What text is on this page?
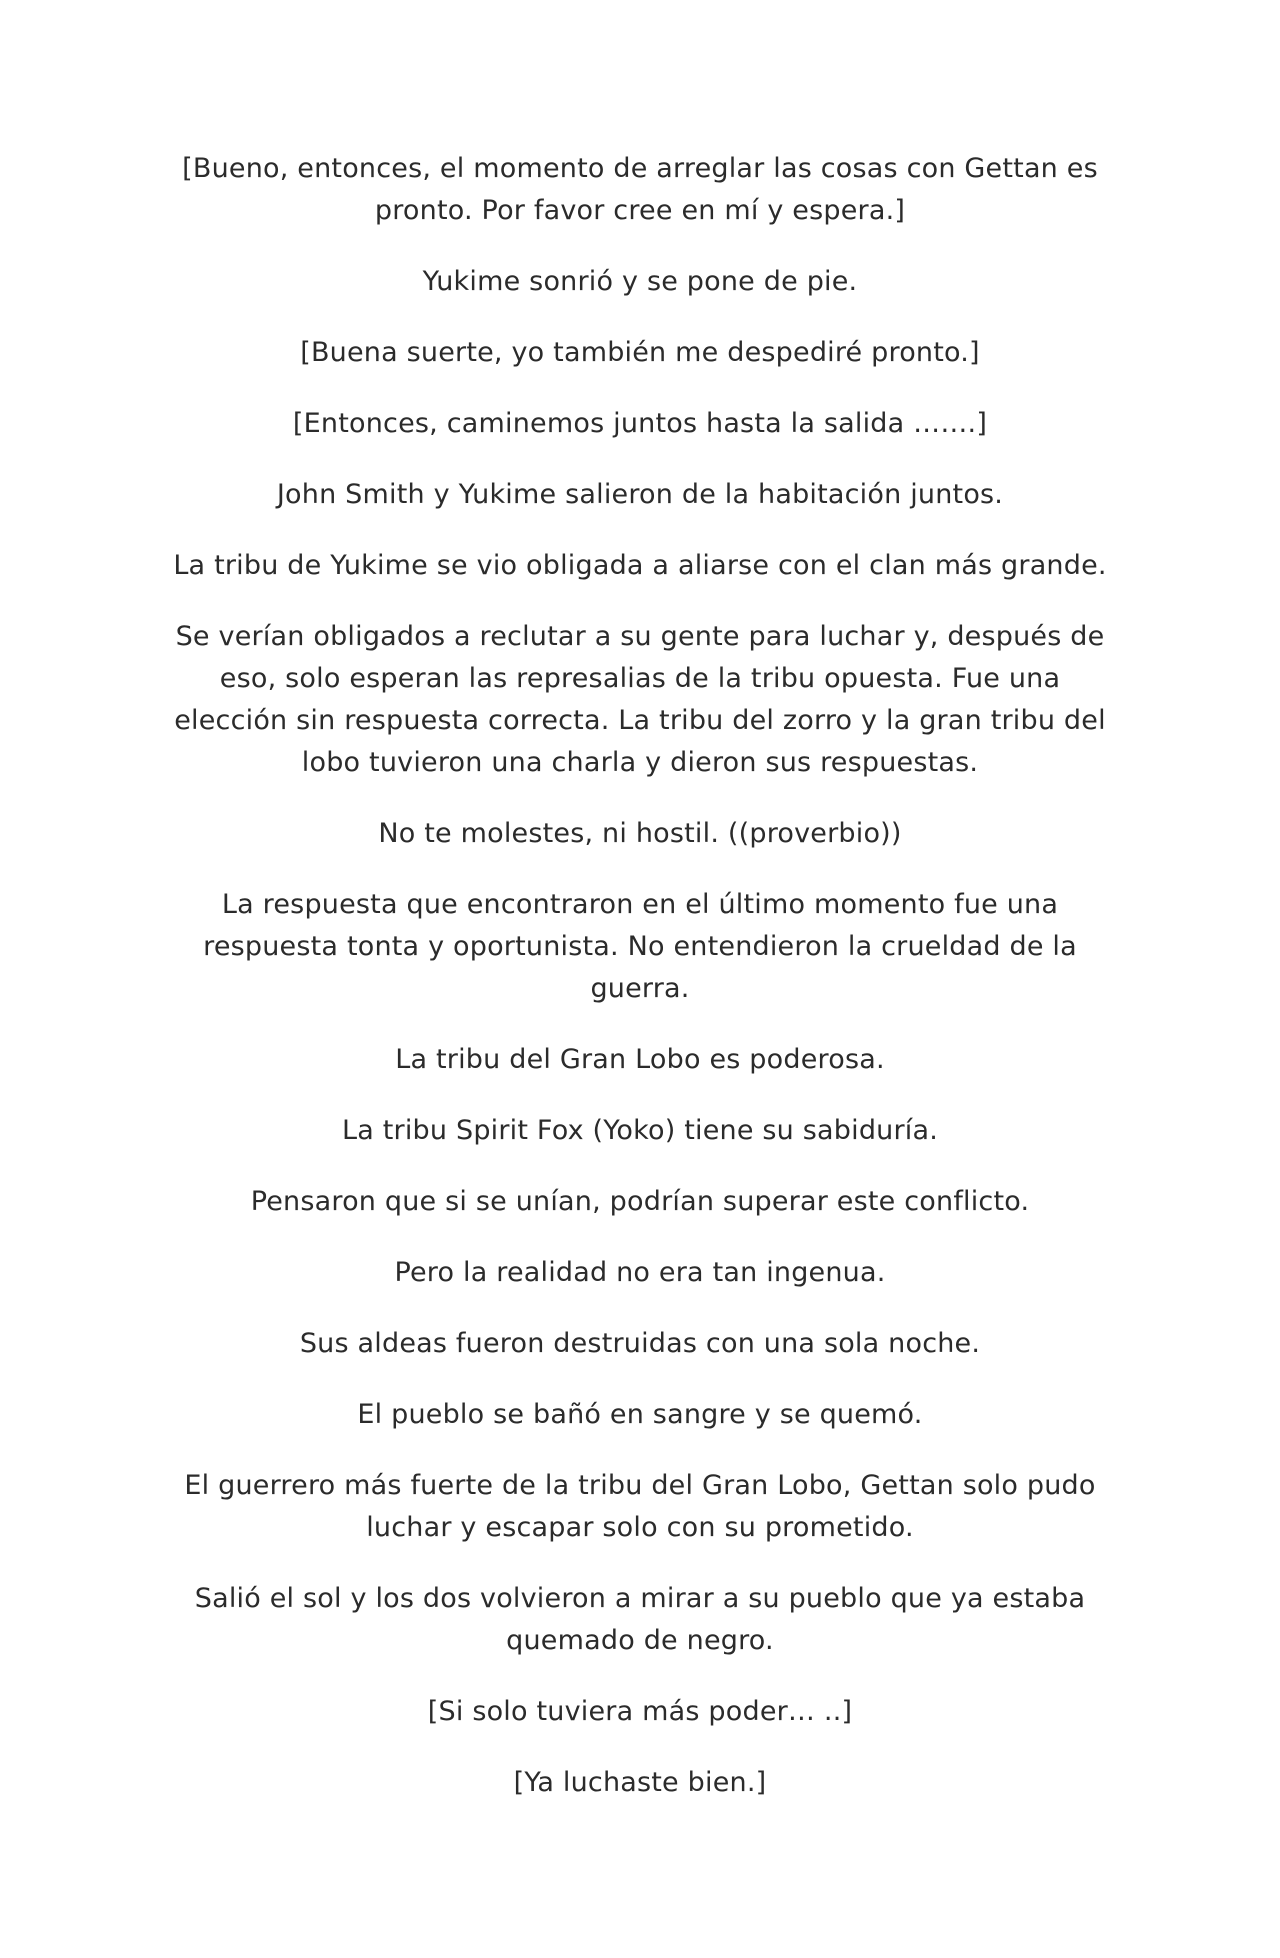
[Bueno, entonces, el momento de arreglar las cosas con Gettan es pronto. Por favor cree en mí y espera.]

Yukime sonrió y se pone de pie.

[Buena suerte, yo también me despediré pronto.]

[Entonces, caminemos juntos hasta la salida …….]

John Smith y Yukime salieron de la habitación juntos.

La tribu de Yukime se vio obligada a aliarse con el clan más grande.

Se verían obligados a reclutar a su gente para luchar y, después de eso, solo esperan las represalias de la tribu opuesta. Fue una elección sin respuesta correcta. La tribu del zorro y la gran tribu del lobo tuvieron una charla y dieron sus respuestas.

No te molestes, ni hostil. ((proverbio))

La respuesta que encontraron en el último momento fue una respuesta tonta y oportunista. No entendieron la crueldad de la guerra.

La tribu del Gran Lobo es poderosa.

La tribu Spirit Fox (Yoko) tiene su sabiduría.

Pensaron que si se unían, podrían superar este conflicto.

Pero la realidad no era tan ingenua.

Sus aldeas fueron destruidas con una sola noche.

El pueblo se bañó en sangre y se quemó.

El guerrero más fuerte de la tribu del Gran Lobo, Gettan solo pudo luchar y escapar solo con su prometido.

Salió el sol y los dos volvieron a mirar a su pueblo que ya estaba quemado de negro.

[Si solo tuviera más poder… ..]

[Ya luchaste bien.]
